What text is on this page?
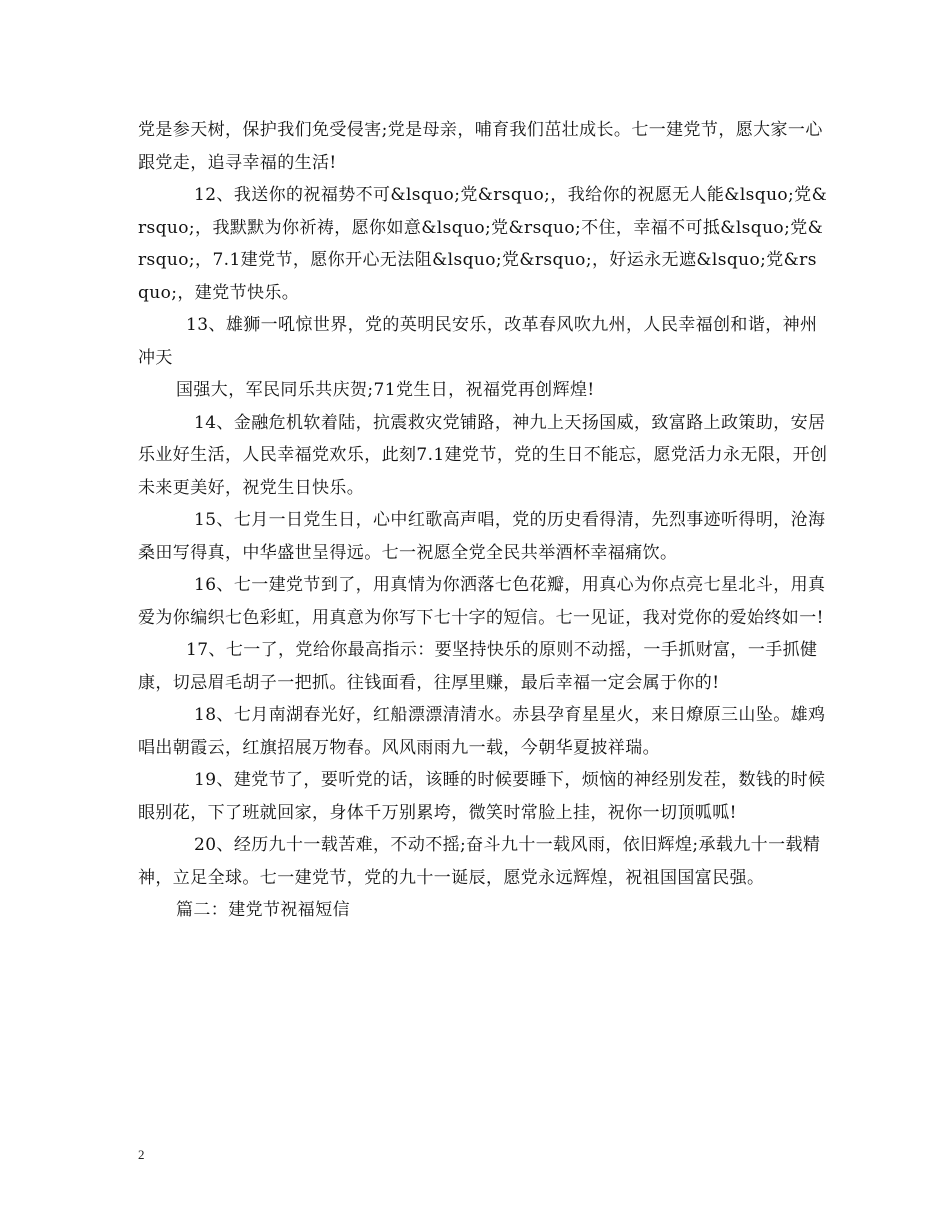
党是参天树，保护我们免受侵害;党是母亲，哺育我们茁壮成长。七一建党节，愿大家一心跟党走，追寻幸福的生活!

12、我送你的祝福势不可&lsquo;党&rsquo;，我给你的祝愿无人能&lsquo;党&rsquo;，我默默为你祈祷，愿你如意&lsquo;党&rsquo;不住，幸福不可抵&lsquo;党&rsquo;，7.1建党节，愿你开心无法阻&lsquo;党&rsquo;，好运永无遮&lsquo;党&rsquo;，建党节快乐。

13、雄狮一吼惊世界，党的英明民安乐，改革春风吹九州，人民幸福创和谐，神州冲天

国强大，军民同乐共庆贺;71党生日，祝福党再创辉煌!

14、金融危机软着陆，抗震救灾党铺路，神九上天扬国威，致富路上政策助，安居乐业好生活，人民幸福党欢乐，此刻7.1建党节，党的生日不能忘，愿党活力永无限，开创未来更美好，祝党生日快乐。

15、七月一日党生日，心中红歌高声唱，党的历史看得清，先烈事迹听得明，沧海桑田写得真，中华盛世呈得远。七一祝愿全党全民共举酒杯幸福痛饮。

16、七一建党节到了，用真情为你洒落七色花瓣，用真心为你点亮七星北斗，用真爱为你编织七色彩虹，用真意为你写下七十字的短信。七一见证，我对党你的爱始终如一!

17、七一了，党给你最高指示：要坚持快乐的原则不动摇，一手抓财富，一手抓健康，切忌眉毛胡子一把抓。往钱面看，往厚里赚，最后幸福一定会属于你的!

18、七月南湖春光好，红船漂漂清清水。赤县孕育星星火，来日燎原三山坠。雄鸡唱出朝霞云，红旗招展万物春。风风雨雨九一载，今朝华夏披祥瑞。

19、建党节了，要听党的话，该睡的时候要睡下，烦恼的神经别发茬，数钱的时候眼别花，下了班就回家，身体千万别累垮，微笑时常脸上挂，祝你一切顶呱呱!

20、经历九十一载苦难，不动不摇;奋斗九十一载风雨，依旧辉煌;承载九十一载精神，立足全球。七一建党节，党的九十一诞辰，愿党永远辉煌，祝祖国国富民强。

篇二：建党节祝福短信

2
